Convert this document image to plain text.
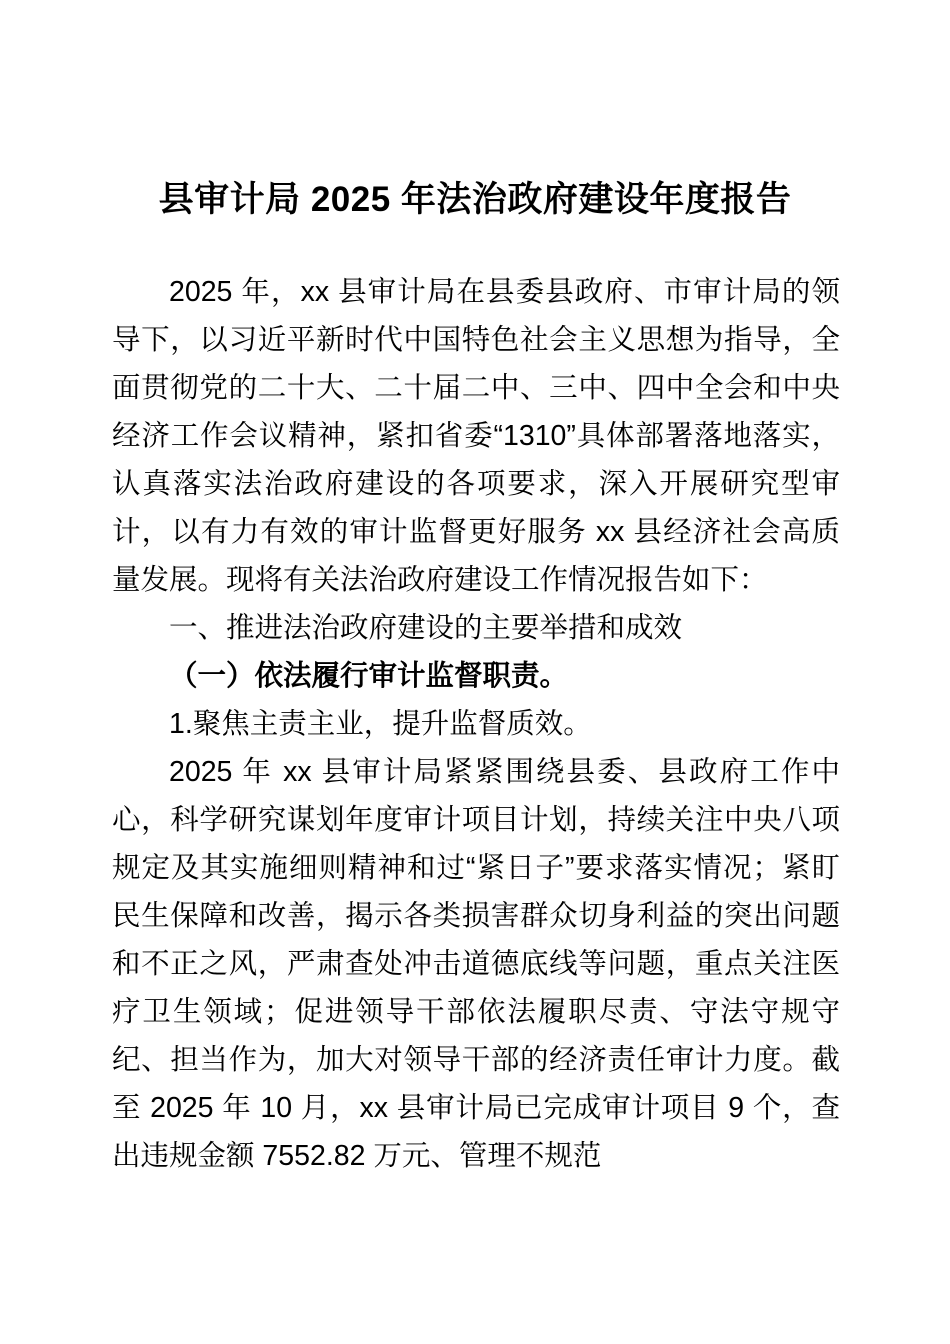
县审计局 2025 年法治政府建设年度报告

2025 年，xx 县审计局在县委县政府、市审计局的领导下，以习近平新时代中国特色社会主义思想为指导，全面贯彻党的二十大、二十届二中、三中、四中全会和中央经济工作会议精神，紧扣省委“1310”具体部署落地落实，认真落实法治政府建设的各项要求，深入开展研究型审计，以有力有效的审计监督更好服务 xx 县经济社会高质量发展。现将有关法治政府建设工作情况报告如下：

一、推进法治政府建设的主要举措和成效

（一）依法履行审计监督职责。

1.聚焦主责主业，提升监督质效。

2025 年 xx 县审计局紧紧围绕县委、县政府工作中心，科学研究谋划年度审计项目计划，持续关注中央八项规定及其实施细则精神和过“紧日子”要求落实情况；紧盯民生保障和改善，揭示各类损害群众切身利益的突出问题和不正之风，严肃查处冲击道德底线等问题，重点关注医疗卫生领域；促进领导干部依法履职尽责、守法守规守纪、担当作为，加大对领导干部的经济责任审计力度。截至 2025 年 10 月，xx 县审计局已完成审计项目 9 个，查出违规金额 7552.82 万元、管理不规范
